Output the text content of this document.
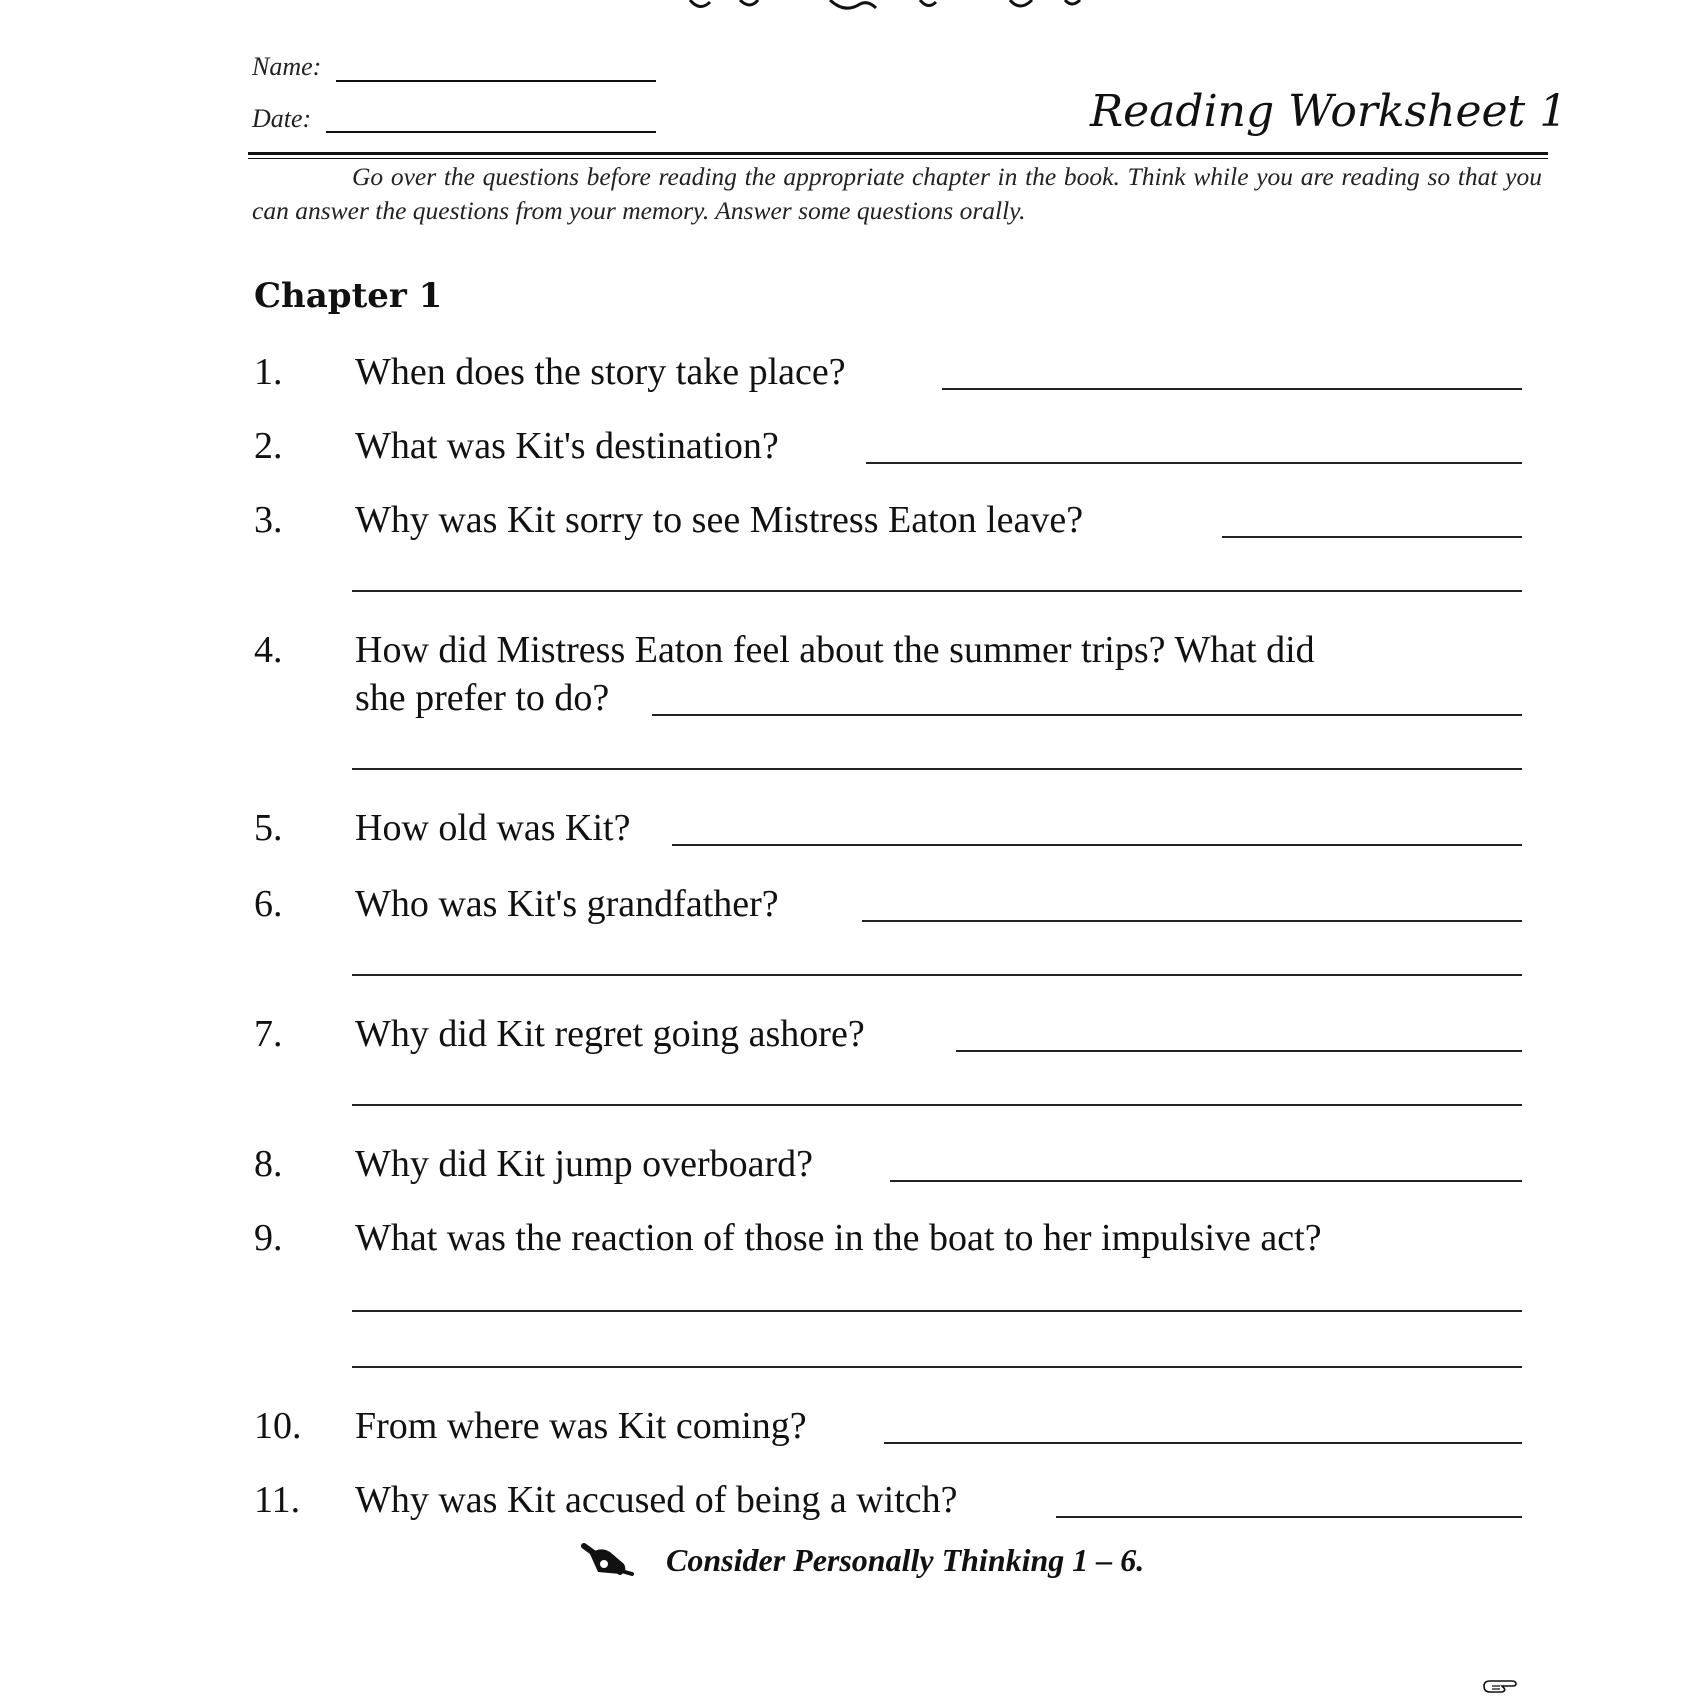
Name:
Date:	Reading Worksheet 1
Go over the questions before reading the appropriate chapter in the book. Think while you are reading so that you can answer the questions from your memory. Answer some questions orally.
Chapter 1
1. When does the story take place?
2. What was Kit's destination?
3. Why was Kit sorry to see Mistress Eaton leave?
4. How did Mistress Eaton feel about the summer trips? What did
she prefer to do?
5. How old was Kit?
6. Who was Kit's grandfather?
7. Why did Kit regret going ashore?
8. Why did Kit jump overboard?
9. What was the reaction of those in the boat to her impulsive act?
10. From where was Kit coming?
11. Why was Kit accused of being a witch?
Consider Personally Thinking 1 – 6.
